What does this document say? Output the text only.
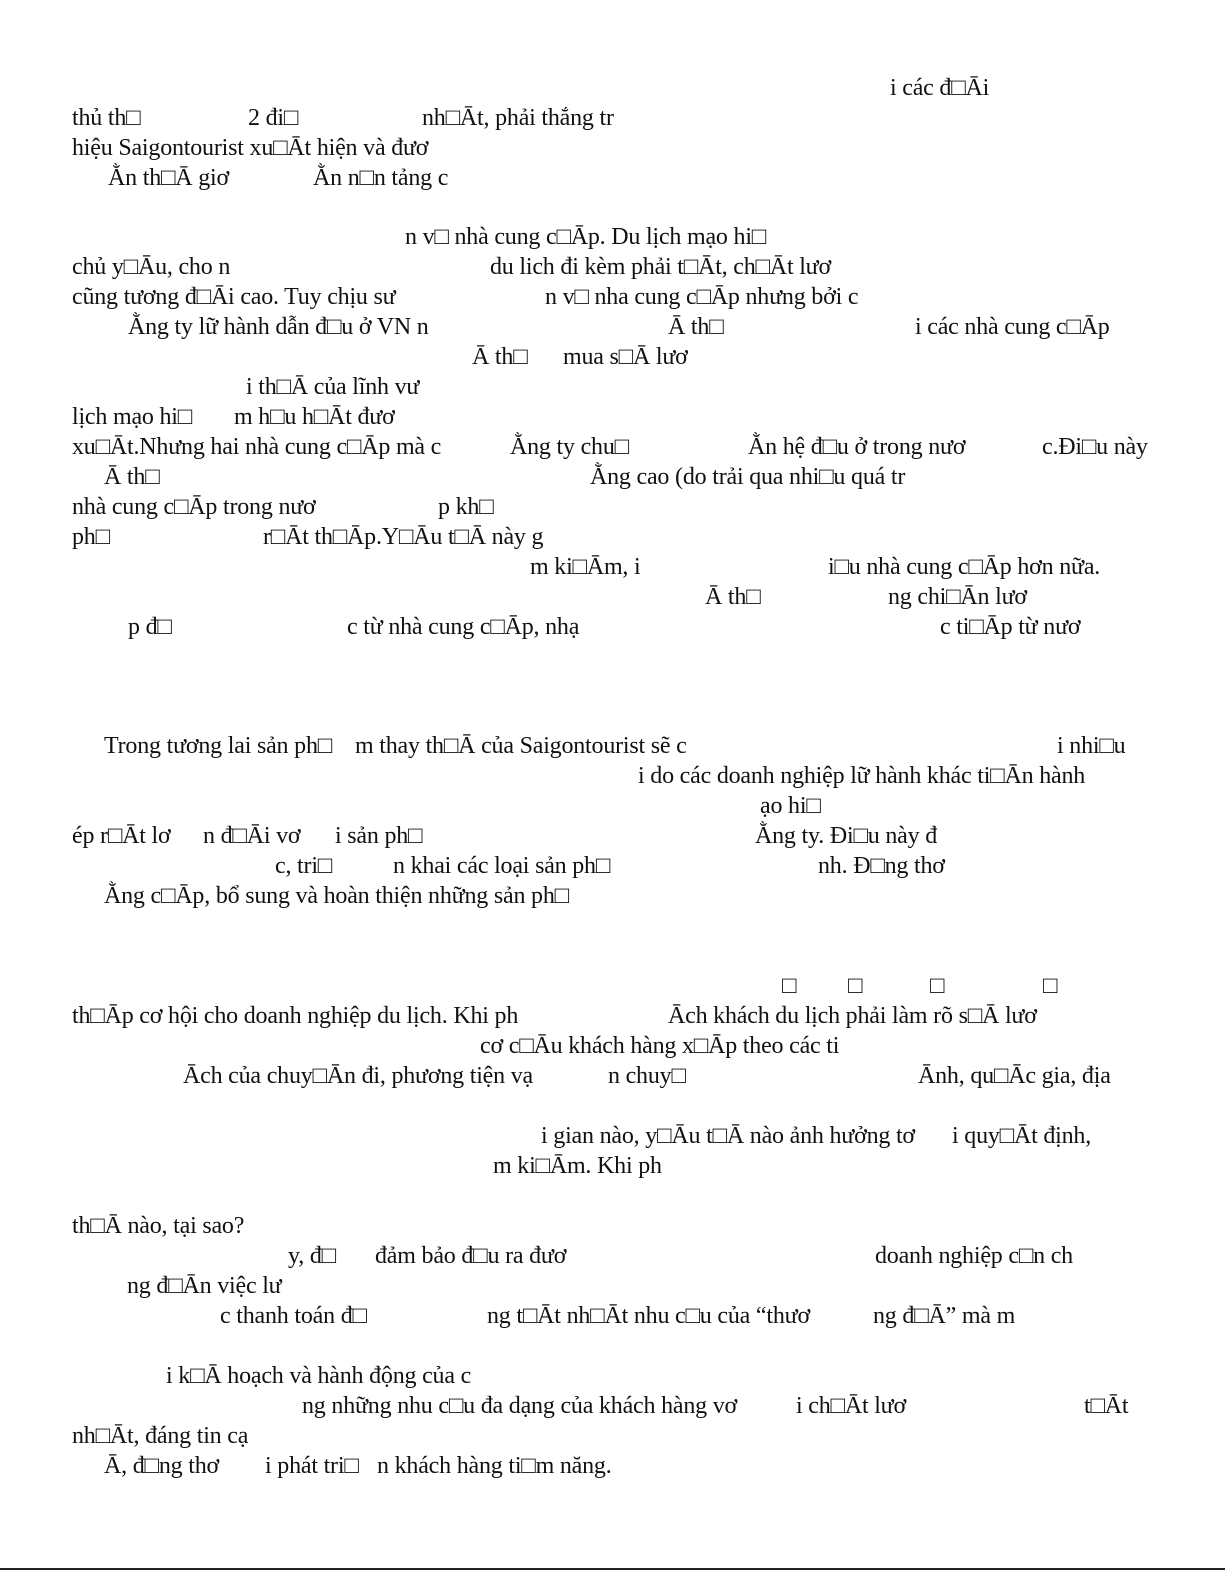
i các đ□Āi
thủ th□	2 đi□	nh□Āt, phải thắng tr
hiệu Saigontourist xu□Āt hiện và đươ
Ằn th□Ā giơ	Ằn n□n tảng c
n v□ nhà cung c□Āp. Du lịch mạo hi□
chủ y□Āu, cho n	du lich đi kèm phải t□Āt, ch□Āt lươ
cũng tương đ□Āi cao. Tuy chịu sư	n v□ nha cung c□Āp nhưng bởi c
Ằng ty lữ hành dẫn đ□u ở VN n	Ā th□	i các nhà cung c□Āp
Ā th□ mua s□Ā lươ
i th□Ā của lĩnh vư
lịch mạo hi□ m h□u h□Āt đươ
xu□Āt.Nhưng hai nhà cung c□Āp mà c	Ằng ty chu□	Ằn hệ đ□u ở trong nươ	c.Đi□u này
Ā th□	Ằng cao (do trải qua nhi□u quá tr
nhà cung c□Āp trong nươ	p kh□
ph□	r□Āt th□Āp.Y□Āu t□Ā này g
m ki□Ām, i	i□u nhà cung c□Āp hơn nữa.
Ā th□	ng chi□Ān lươ
p đ□	c từ nhà cung c□Āp, nhạ	c ti□Āp từ nươ
Trong tương lai sản ph□ m thay th□Ā của Saigontourist sẽ c	i nhi□u
i do các doanh nghiệp lữ hành khác ti□Ān hành
ạo hi□
ép r□Āt lơ n đ□Āi vơ i sản ph□	Ằng ty. Đi□u này đ
c, tri□	n khai các loại sản ph□	nh. Đ□ng thơ
Ằng c□Āp, bổ sung và hoàn thiện những sản ph□
□ □	□	□
th□Āp cơ hội cho doanh nghiệp du lịch. Khi ph	Āch khách du lịch phải làm rõ s□Ā lươ
cơ c□Āu khách hàng x□Āp theo các ti
Āch của chuy□Ān đi, phương tiện vạ	n chuy□	Ānh, qu□Āc gia, địa
i gian nào, y□Āu t□Ā nào ảnh hưởng tơ i quy□Āt định,
m ki□Ām. Khi ph
th□Ā nào, tại sao?
y, đ□ đảm bảo đ□u ra đươ	doanh nghiệp c□n ch
ng đ□Ān việc lư
c thanh toán đ□	ng t□Āt nh□Āt nhu c□u của “thươ	ng đ□Ā” mà m
i k□Ā hoạch và hành động của c
ng những nhu c□u đa dạng của khách hàng vơ i ch□Āt lươ	t□Āt
nh□Āt, đáng tin cạ
Ā, đ□ng thơ i phát tri□ n khách hàng ti□m năng.
